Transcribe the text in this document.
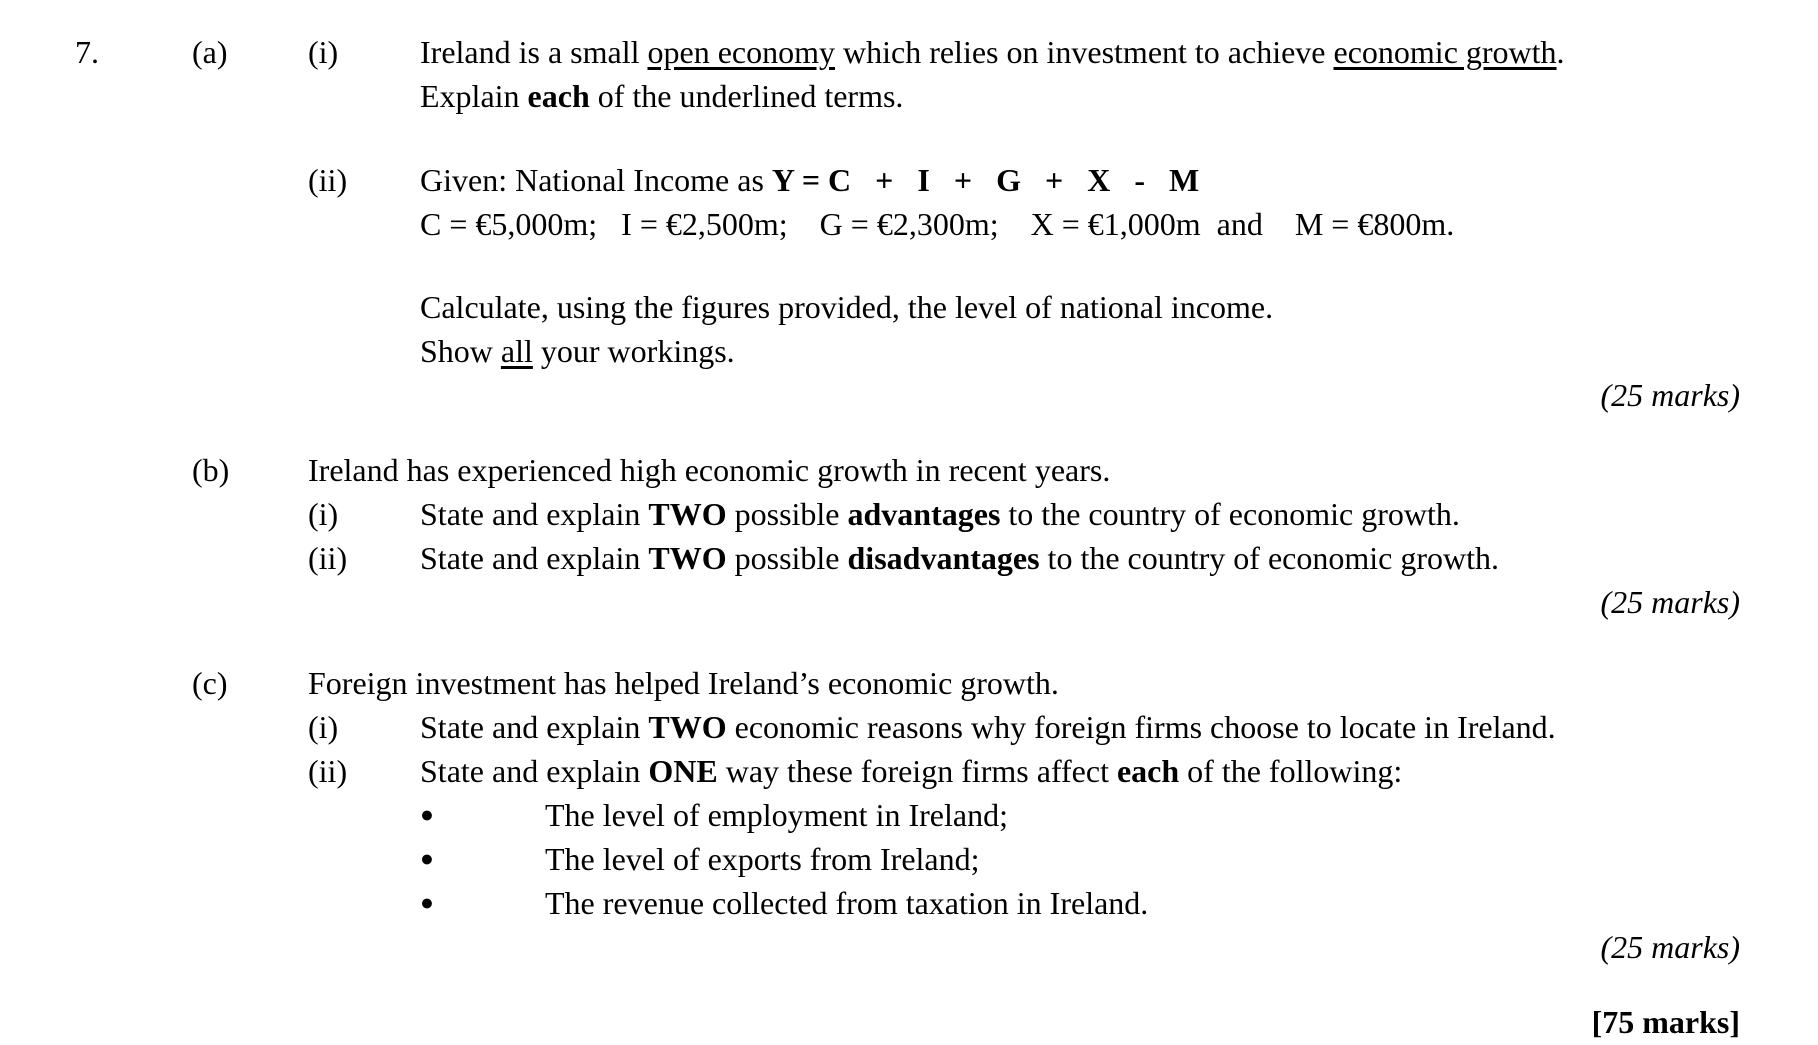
7.	(a)	(i)	Ireland is a small open economy which relies on investment to achieve economic growth.
Explain each of the underlined terms.
(ii)	Given: National Income as Y = C   +   I   +   G   +   X   -   M
C = €5,000m;   I = €2,500m;    G = €2,300m;    X = €1,000m  and    M = €800m.
Calculate, using the figures provided, the level of national income.
Show all your workings.
(25 marks)
(b)	Ireland has experienced high economic growth in recent years.
(i)	State and explain TWO possible advantages to the country of economic growth.
(ii)	State and explain TWO possible disadvantages to the country of economic growth.
(25 marks)
(c)	Foreign investment has helped Ireland’s economic growth.
(i)	State and explain TWO economic reasons why foreign firms choose to locate in Ireland.
(ii)	State and explain ONE way these foreign firms affect each of the following:
●	The level of employment in Ireland;
●	The level of exports from Ireland;
●	The revenue collected from taxation in Ireland.
(25 marks)
[75 marks]
